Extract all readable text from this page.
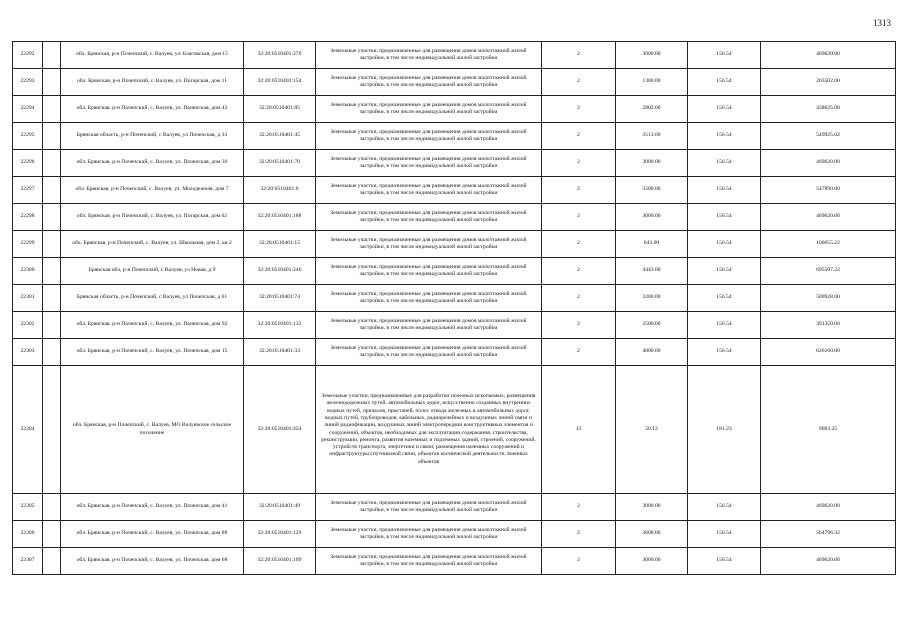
1313
22292		обл. Брянская, р-н Почепский, с. Валуев, ул. Благовская, дом 15	32:20:0510401:276	Земельные участки, предназначенные для размещения домов малоэтажной жилой застройки, в том числе индивидуальной жилой застройки	2	3000.00	156.54	469620.00
22293		обл. Брянская, р-н Почепский, с. Валуев, ул. Погарская, дом 11	32:20:0510401:154	Земельные участки, предназначенные для размещения домов малоэтажной жилой застройки, в том числе индивидуальной жилой застройки	2	1300.00	156.54	203502.00
22294		обл. Брянская, р-н Почепский, с. Валуев, ул. Почепская, дом 42	32:20:0510401:85	Земельные участки, предназначенные для размещения домов малоэтажной жилой застройки, в том числе индивидуальной жилой застройки	2	2802.00	156.54	438625.08
22295		Брянская область, р-н Почепский, с Валуев, ул Почепская, д 33	32:20:0510401:45	Земельные участки, предназначенные для размещения домов малоэтажной жилой застройки, в том числе индивидуальной жилой застройки	2	3513.00	156.54	549925.02
22296		обл. Брянская, р-н Почепский, с. Валуев, ул. Почепская, дом 36	32:20:0510401:70	Земельные участки, предназначенные для размещения домов малоэтажной жилой застройки, в том числе индивидуальной жилой застройки	2	3000.00	156.54	469620.00
22297		обл. Брянская, р-н Почепский, с. Валуев, ул. Молодежная, дом 7	32:20:0510401:6	Земельные участки, предназначенные для размещения домов малоэтажной жилой застройки, в том числе индивидуальной жилой застройки	2	3500.00	156.54	547890.00
22298		обл. Брянская, р-н Почепский, с. Валуев, ул. Погарская, дом 62	32:20:0510401:188	Земельные участки, предназначенные для размещения домов малоэтажной жилой застройки, в том числе индивидуальной жилой застройки	2	3000.00	156.54	469620.00
22299		обл. Брянская, р-н Почепский, с. Валуев, ул. Школьная, дом 2, кв 2	32:20:0510401:15	Земельные участки, предназначенные для размещения домов малоэтажной жилой застройки, в том числе индивидуальной жилой застройки	2	643.00	156.54	100655.22
22300		Брянская обл, р-н Почепский, с Валуев, ул Новая, д 9	32:20:0510401:246	Земельные участки, предназначенные для размещения домов малоэтажной жилой застройки, в том числе индивидуальной жилой застройки	2	4443.00	156.54	695507.22
22301		Брянская область, р-н Почепский, с Валуев, ул Почепская, д 61	32:20:0510401:74	Земельные участки, предназначенные для размещения домов малоэтажной жилой застройки, в том числе индивидуальной жилой застройки	2	3200.00	156.54	500928.00
22302		обл. Брянская, р-н Почепский, с. Валуев, ул. Почепская, дом 92	32:20:0510401:132	Земельные участки, предназначенные для размещения домов малоэтажной жилой застройки, в том числе индивидуальной жилой застройки	2	2500.00	156.54	391350.00
22303		обл. Брянская, р-н Почепский, с. Валуев, ул. Почепская, дом 15	32:20:0510401:33	Земельные участки, предназначенные для размещения домов малоэтажной жилой застройки, в том числе индивидуальной жилой застройки	2	4000.00	156.54	626160.00
22304		обл. Брянская, р-н Почепский, с. Валуев, МО Валуевское сельское поселение	32:20:0510401:454	Земельные участки, предназначенные для разработки полезных ископаемых, размещения железнодорожных путей, автомобильных дорог, искусственно созданных внутренних водных путей, причалов, пристаней, полос отвода железных и автомобильных дорог, водных путей, трубопроводов, кабельных, радиорелейных и воздушных линий связи и линий радиофикации, воздушных линий электропередачи конструктивных элементов и сооружений, объектов, необходимых для эксплуатации,содержания, строительства, реконструкции, ремонта, развития наземных и подземных зданий, строений, сооружений, устройств транспорта, энергетики и связи; размещения наземных сооружений и инфраструктуры спутниковой связи, объектов космической деятельности, военных объектов	13	50.12	181.23	9083.25
22305		обл. Брянская, р-н Почепский, с. Валуев, ул. Почепская, дом 41	32:20:0510401:49	Земельные участки, предназначенные для размещения домов малоэтажной жилой застройки, в том числе индивидуальной жилой застройки	2	3000.00	156.54	469620.00
22306		обл. Брянская, р-н Почепский, с. Валуев, ул. Почепская, дом 88	32:20:0510401:129	Земельные участки, предназначенные для размещения домов малоэтажной жилой застройки, в том числе индивидуальной жилой застройки	2	3608.00	156.54	564796.32
22307		обл. Брянская, р-н Почепский, с. Валуев, ул. Почепская, дом 68	32:20:0510401:109	Земельные участки, предназначенные для размещения домов малоэтажной жилой застройки, в том числе индивидуальной жилой застройки	2	3000.00	156.54	469620.00
